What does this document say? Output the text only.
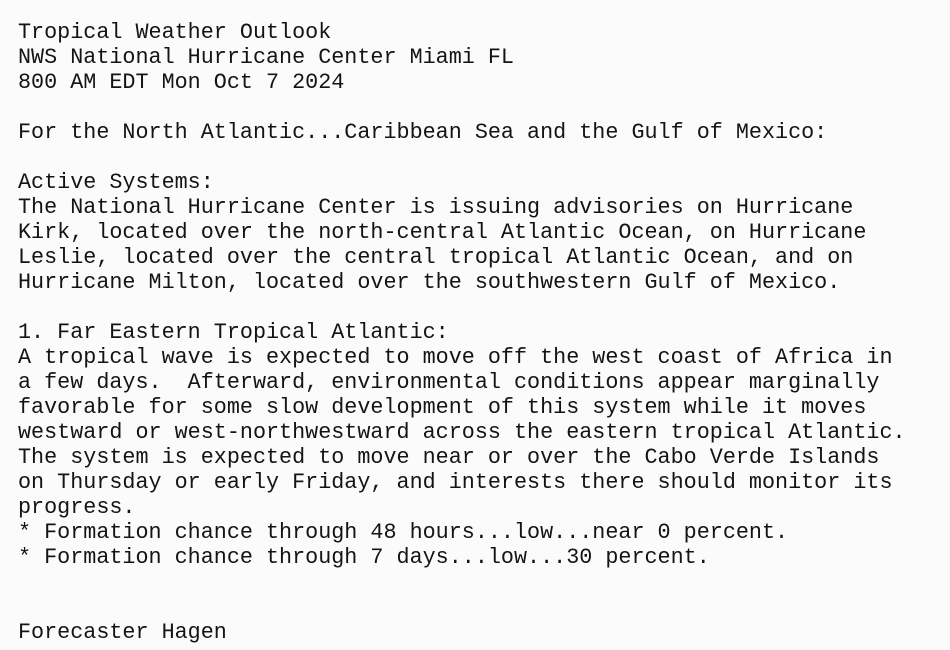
Tropical Weather Outlook
NWS National Hurricane Center Miami FL
800 AM EDT Mon Oct 7 2024
For the North Atlantic...Caribbean Sea and the Gulf of Mexico:
Active Systems:
The National Hurricane Center is issuing advisories on Hurricane
Kirk, located over the north-central Atlantic Ocean, on Hurricane
Leslie, located over the central tropical Atlantic Ocean, and on
Hurricane Milton, located over the southwestern Gulf of Mexico.
1. Far Eastern Tropical Atlantic:
A tropical wave is expected to move off the west coast of Africa in
a few days.  Afterward, environmental conditions appear marginally
favorable for some slow development of this system while it moves
westward or west-northwestward across the eastern tropical Atlantic.
The system is expected to move near or over the Cabo Verde Islands
on Thursday or early Friday, and interests there should monitor its
progress.
* Formation chance through 48 hours...low...near 0 percent.
* Formation chance through 7 days...low...30 percent.
Forecaster Hagen
